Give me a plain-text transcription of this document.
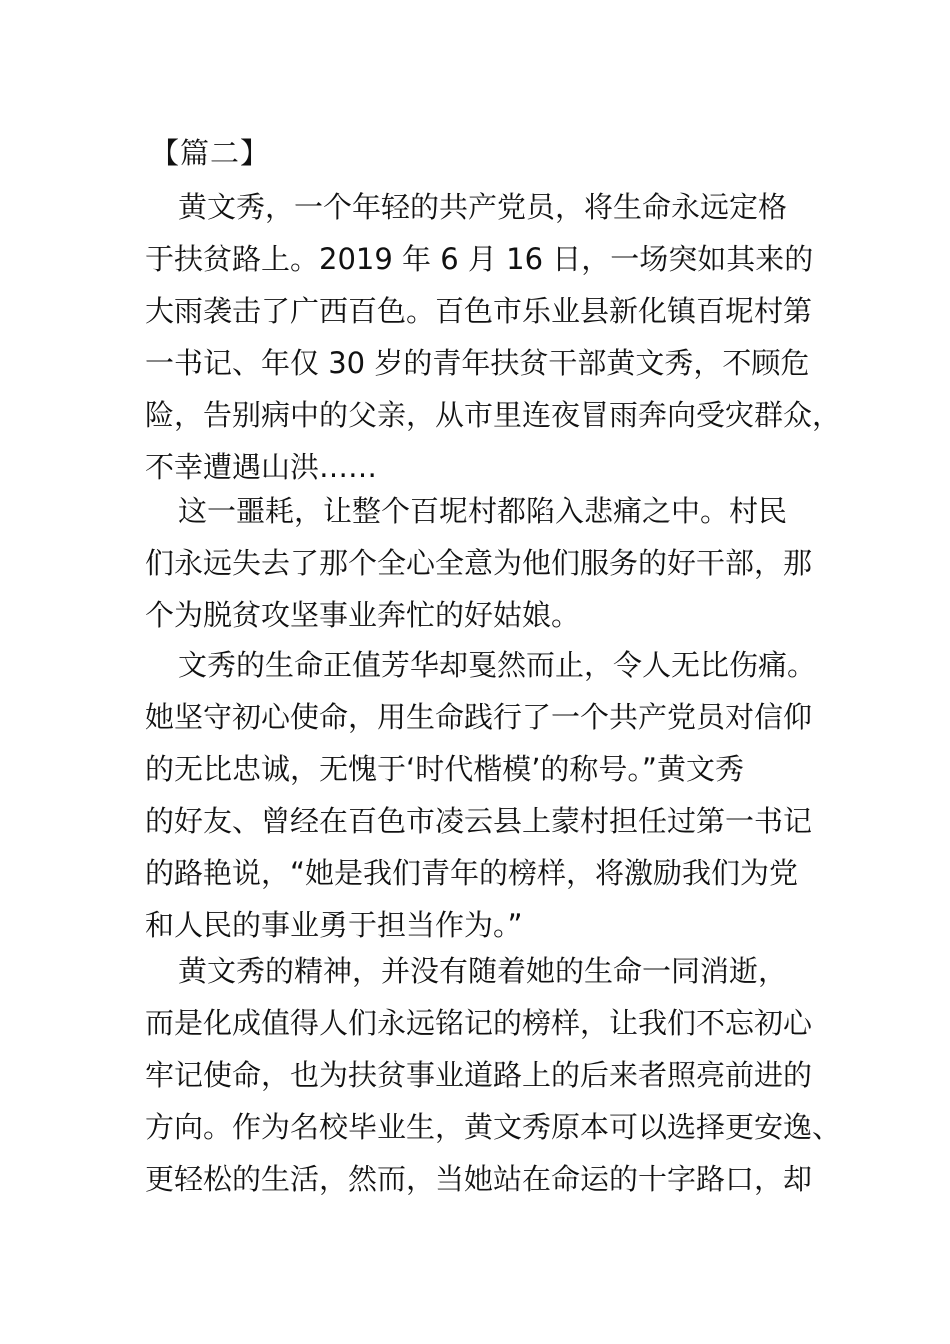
【篇二】
黄文秀，一个年轻的共产党员，将生命永远定格
于扶贫路上。2019 年 6 月 16 日，一场突如其来的
大雨袭击了广西百色。百色市乐业县新化镇百坭村第
一书记、年仅 30 岁的青年扶贫干部黄文秀，不顾危
险，告别病中的父亲，从市里连夜冒雨奔向受灾群众，
不幸遭遇山洪……
这一噩耗，让整个百坭村都陷入悲痛之中。村民
们永远失去了那个全心全意为他们服务的好干部，那
个为脱贫攻坚事业奔忙的好姑娘。
文秀的生命正值芳华却戛然而止，令人无比伤痛。
她坚守初心使命，用生命践行了一个共产党员对信仰
的无比忠诚，无愧于‘时代楷模’的称号。”黄文秀
的好友、曾经在百色市凌云县上蒙村担任过第一书记
的路艳说，“她是我们青年的榜样，将激励我们为党
和人民的事业勇于担当作为。”
黄文秀的精神，并没有随着她的生命一同消逝，
而是化成值得人们永远铭记的榜样，让我们不忘初心
牢记使命，也为扶贫事业道路上的后来者照亮前进的
方向。作为名校毕业生，黄文秀原本可以选择更安逸、
更轻松的生活，然而，当她站在命运的十字路口，却
